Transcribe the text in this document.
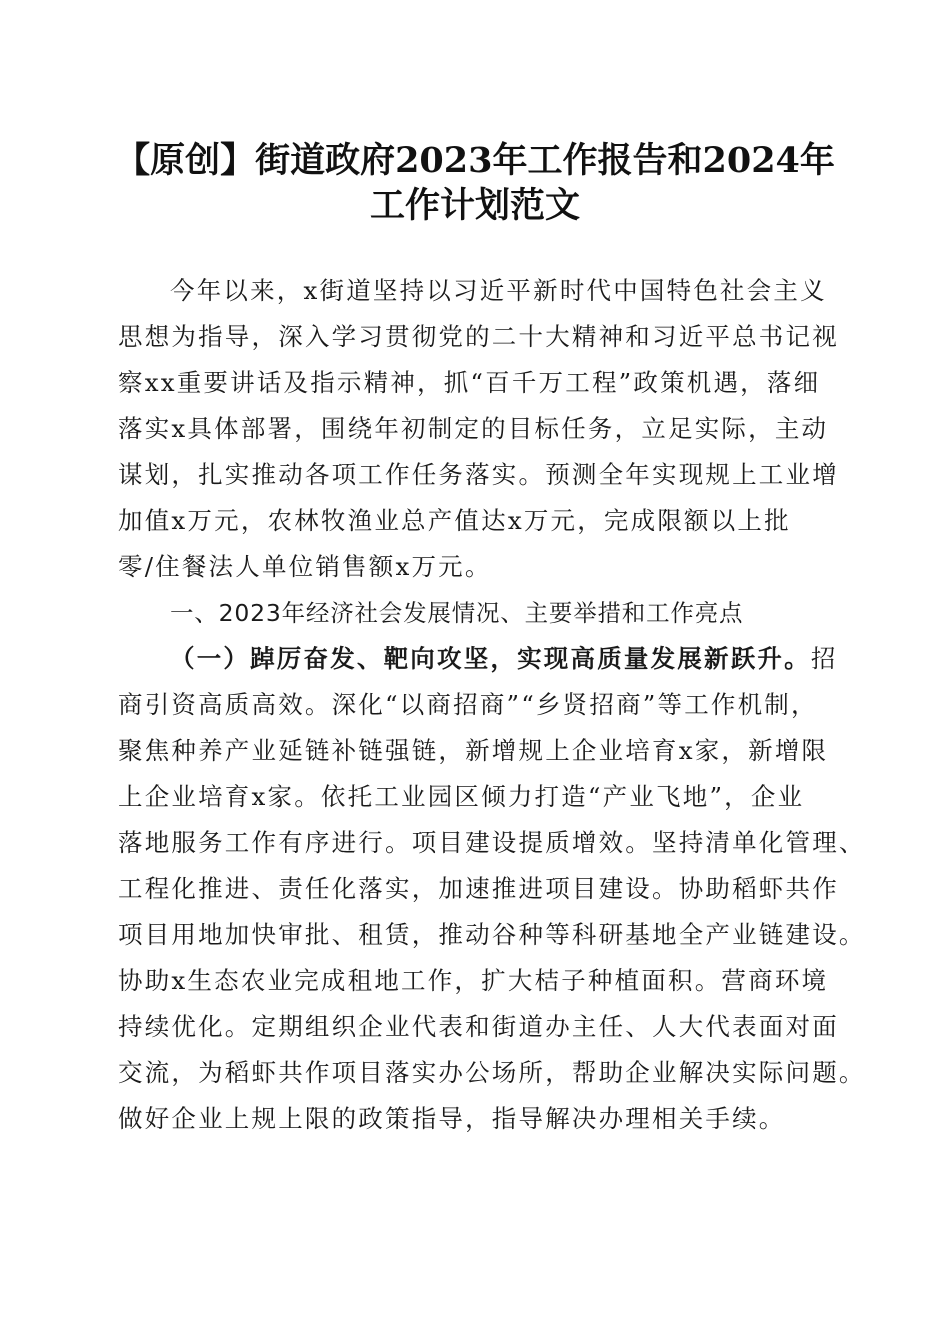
【原创】街道政府2023年工作报告和2024年
工作计划范文

今年以来，x街道坚持以习近平新时代中国特色社会主义

思想为指导，深入学习贯彻党的二十大精神和习近平总书记视

察xx重要讲话及指示精神，抓“百千万工程”政策机遇，落细

落实x具体部署，围绕年初制定的目标任务，立足实际，主动

谋划，扎实推动各项工作任务落实。预测全年实现规上工业增

加值x万元，农林牧渔业总产值达x万元，完成限额以上批

零/住餐法人单位销售额x万元。

一、2023年经济社会发展情况、主要举措和工作亮点

（一）踔厉奋发、靶向攻坚，实现高质量发展新跃升。招

商引资高质高效。深化“以商招商”“乡贤招商”等工作机制，

聚焦种养产业延链补链强链，新增规上企业培育x家，新增限

上企业培育x家。依托工业园区倾力打造“产业飞地”，企业

落地服务工作有序进行。项目建设提质增效。坚持清单化管理、

工程化推进、责任化落实，加速推进项目建设。协助稻虾共作

项目用地加快审批、租赁，推动谷种等科研基地全产业链建设。

协助x生态农业完成租地工作，扩大桔子种植面积。营商环境

持续优化。定期组织企业代表和街道办主任、人大代表面对面

交流，为稻虾共作项目落实办公场所，帮助企业解决实际问题。

做好企业上规上限的政策指导，指导解决办理相关手续。
